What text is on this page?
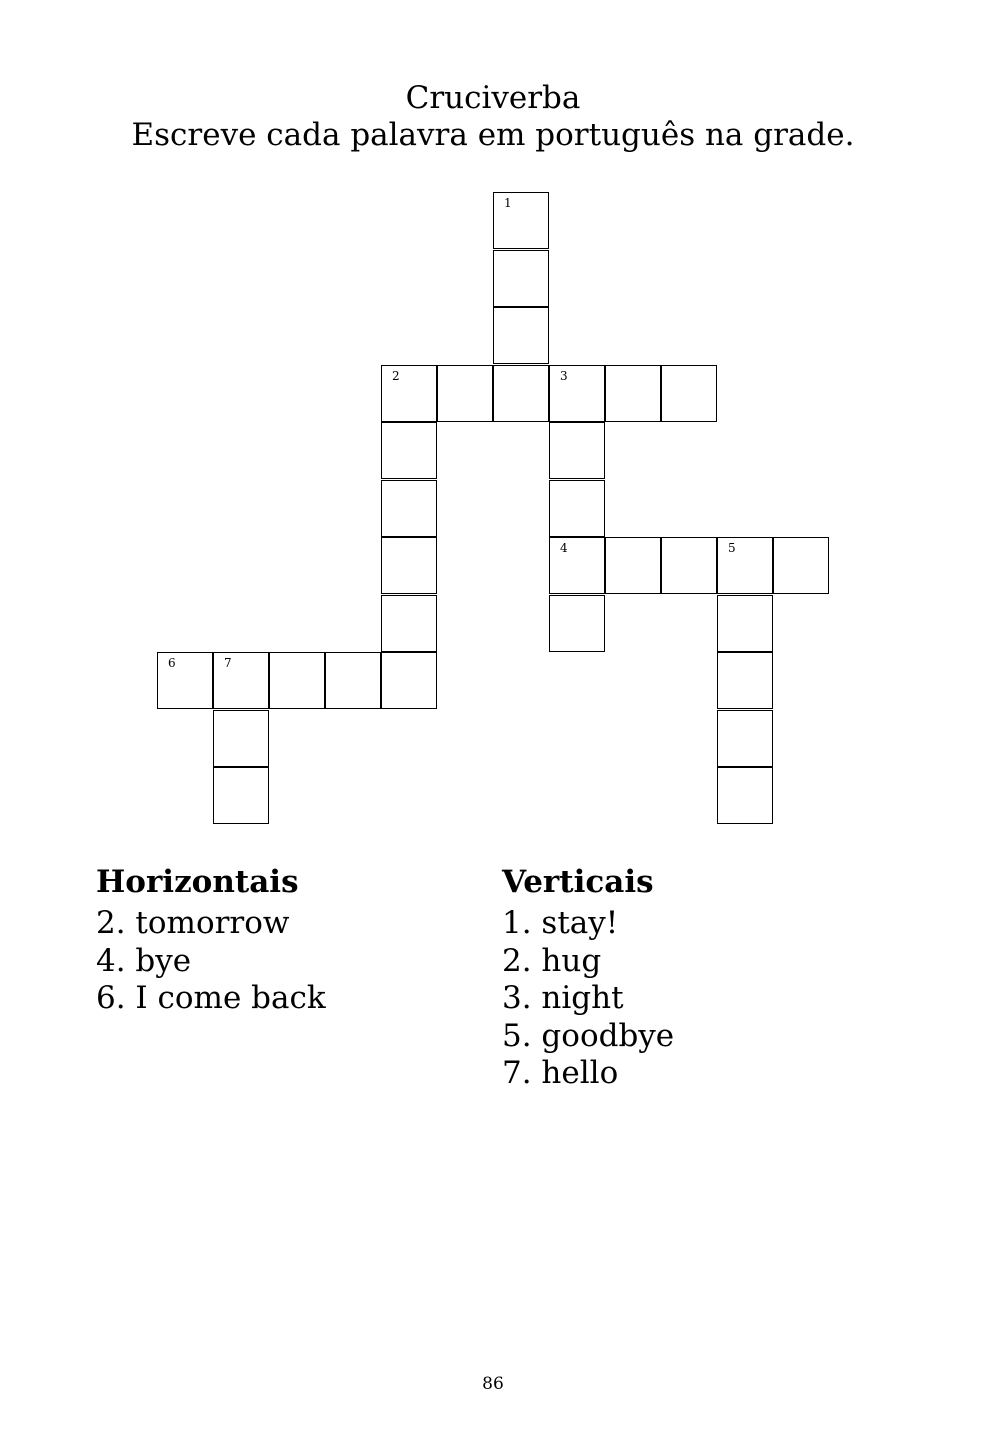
Cruciverba
Escreve cada palavra em português na grade.
1
2	3
4	5
6	7
Horizontais
2. tomorrow
4. bye
6. I come back
Verticais
1. stay!
2. hug
3. night
5. goodbye
7. hello
86
